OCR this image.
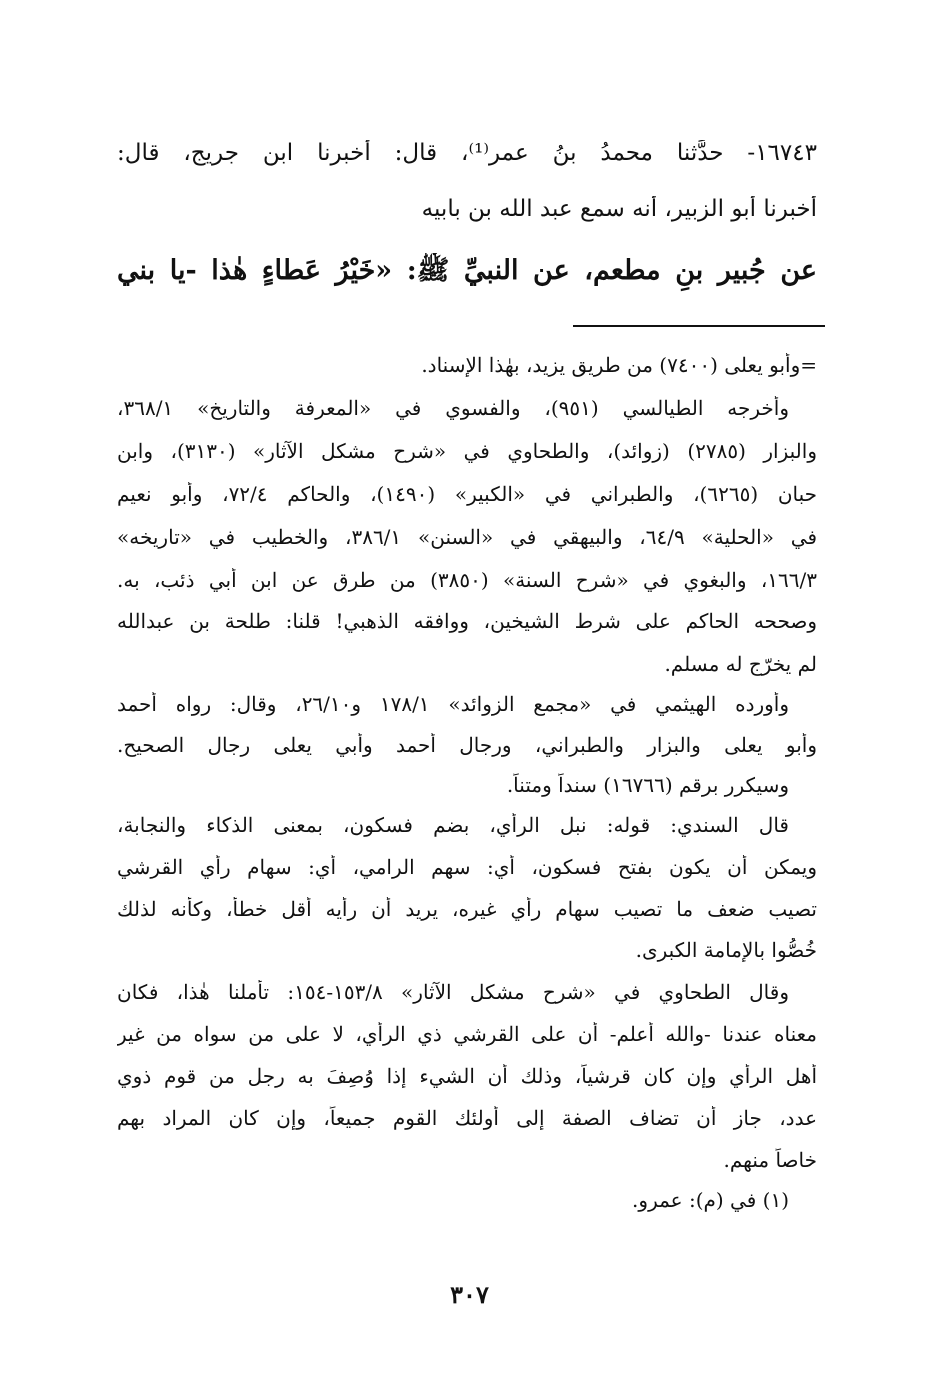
١٦٧٤٣- حدَّثنا محمدُ بنُ عمر⁽¹⁾، قال: أخبرنا ابن جريج، قال:
أخبرنا أبو الزبير، أنه سمع عبد الله بن بابيه
عن جُبير بنِ مطعم، عن النبيِّ ﷺ: «خَيْرُ عَطاءٍ هٰذا -يا بني
=وأبو يعلى (٧٤٠٠) من طريق يزيد، بهٰذا الإسناد.
وأخرجه الطيالسي (٩٥١)، والفسوي في «المعرفة والتاريخ» ٣٦٨/١،
والبزار (٢٧٨٥) (زوائد)، والطحاوي في «شرح مشكل الآثار» (٣١٣٠)، وابن
حبان (٦٢٦٥)، والطبراني في «الكبير» (١٤٩٠)، والحاكم ٧٢/٤، وأبو نعيم
في «الحلية» ٦٤/٩، والبيهقي في «السنن» ٣٨٦/١، والخطيب في «تاريخه»
١٦٦/٣، والبغوي في «شرح السنة» (٣٨٥٠) من طرق عن ابن أبي ذئب، به.
وصححه الحاكم على شرط الشيخين، ووافقه الذهبي! قلنا: طلحة بن عبدالله
لم يخرّج له مسلم.
وأورده الهيثمي في «مجمع الزوائد» ١٧٨/١ و٢٦/١٠، وقال: رواه أحمد
وأبو يعلى والبزار والطبراني، ورجال أحمد وأبي يعلى رجال الصحيح.
وسيكرر برقم (١٦٧٦٦) سنداً ومتناً.
قال السندي: قوله: نبل الرأي، بضم فسكون، بمعنى الذكاء والنجابة،
ويمكن أن يكون بفتح فسكون، أي: سهم الرامي، أي: سهام رأي القرشي
تصيب ضعف ما تصيب سهام رأي غيره، يريد أن رأيه أقل خطأ، وكأنه لذلك
خُصُّوا بالإمامة الكبرى.
وقال الطحاوي في «شرح مشكل الآثار» ١٥٣/٨-١٥٤: تأملنا هٰذا، فكان
معناه عندنا -والله أعلم- أن على القرشي ذي الرأي، لا على من سواه من غير
أهل الرأي وإن كان قرشياً، وذلك أن الشيء إذا وُصِفَ به رجل من قوم ذوي
عدد، جاز أن تضاف الصفة إلى أولئك القوم جميعاً، وإن كان المراد بهم
خاصاً منهم.
(١) في (م): عمرو.
٣٠٧
